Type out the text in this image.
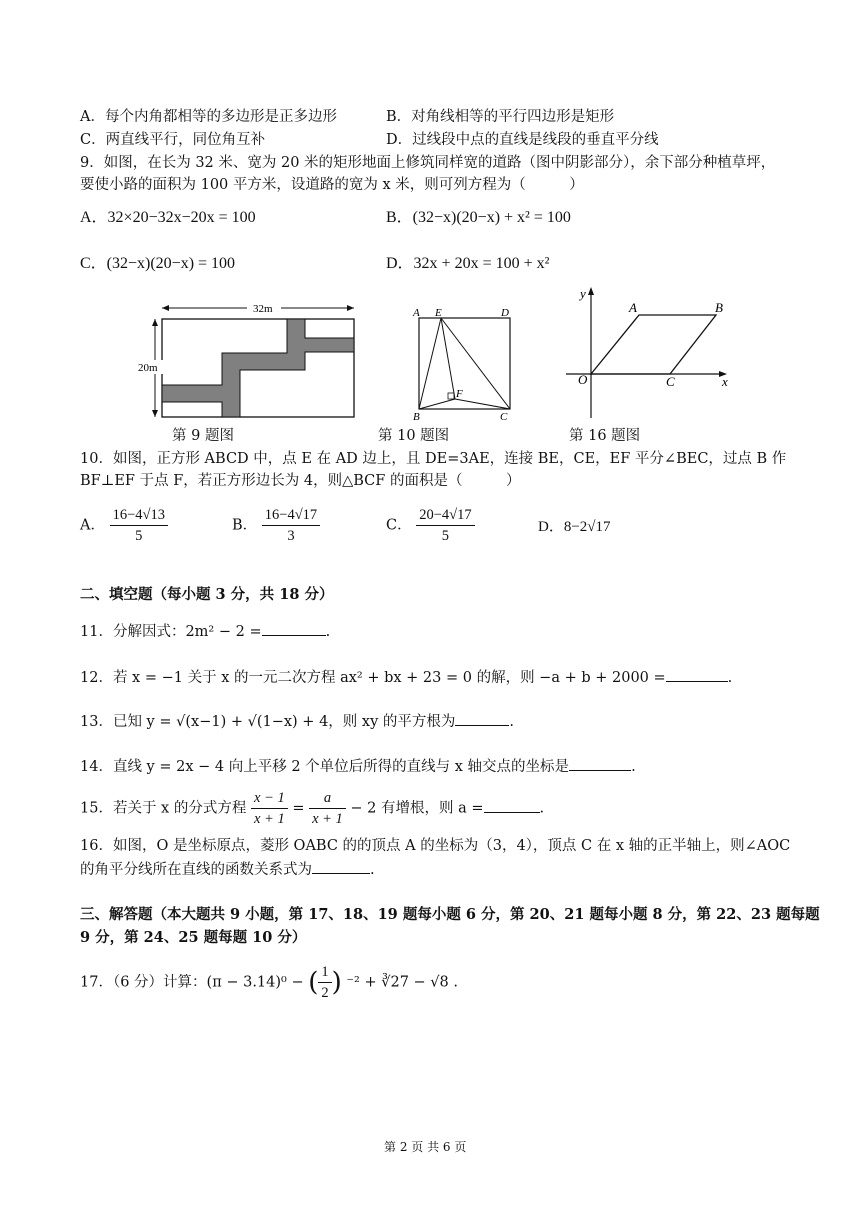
A．每个内角都相等的多边形是正多边形	B．对角线相等的平行四边形是矩形
C．两直线平行，同位角互补	D．过线段中点的直线是线段的垂直平分线
9．如图，在长为 32 米、宽为 20 米的矩形地面上修筑同样宽的道路（图中阴影部分），余下部分种植草坪，
要使小路的面积为 100 平方米，设道路的宽为 x 米，则可列方程为（　　　）
A．32×20−32x−20x = 100	B．(32−x)(20−x) + x² = 100
C．(32−x)(20−x) = 100	D．32x + 20x = 100 + x²
32m
20m
第 9 题图
A E	D
B	C
F
第 10 题图
y
x
O
A	B
C
第 16 题图
10．如图，正方形 ABCD 中，点 E 在 AD 边上，且 DE=3AE，连接 BE，CE，EF 平分∠BEC，过点 B 作
BF⊥EF 于点 F，若正方形边长为 4，则△BCF 的面积是（　　　）
A． $\frac{16-4√13}{5}$	B． $\frac{16-4√17}{3}$	C． $\frac{20-4√17}{5}$	D．8−2√17
二、填空题（每小题 3 分，共 18 分）
11．分解因式：2m² − 2 =	.
12．若 x = −1 关于 x 的一元二次方程 ax² + bx + 23 = 0 的解，则 −a + b + 2000 =	.
13．已知 y = √(x−1) + √(1−x) + 4，则 xy 的平方根为	.
14．直线 y = 2x − 4 向上平移 2 个单位后所得的直线与 x 轴交点的坐标是	.
15．若关于 x 的分式方程 $\frac{x - 1}{x + 1} = \frac{a}{x + 1} - 2$ 有增根，则 a =	.
16．如图，O 是坐标原点，菱形 OABC 的的顶点 A 的坐标为（3，4），顶点 C 在 x 轴的正半轴上，则∠AOC
的角平分线所在直线的函数关系式为	.
三、解答题（本大题共 9 小题，第 17、18、19 题每小题 6 分，第 20、21 题每小题 8 分，第 22、23 题每题
9 分，第 24、25 题每题 10 分）
17．（6 分）计算：(π − 3.14)⁰ − ( $\frac{1}{2}$ ) ⁻² + ∛27 − √8 .
第 2 页 共 6 页
